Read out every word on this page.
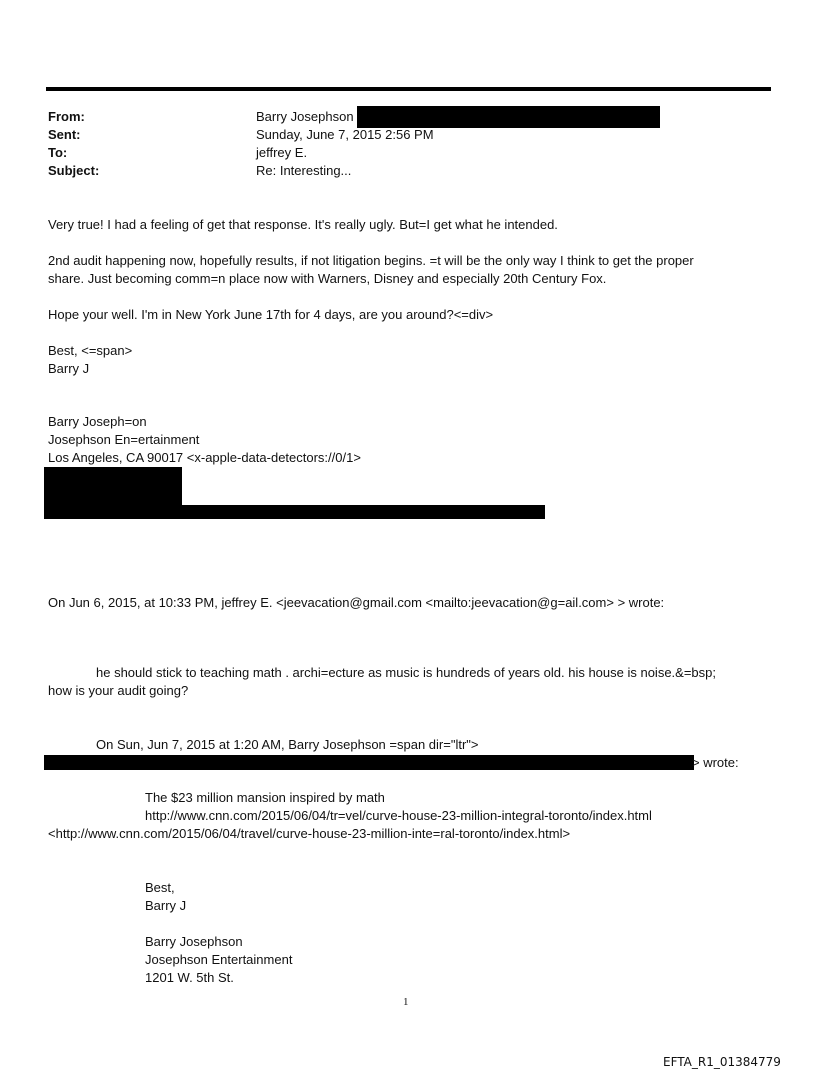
From:	Barry Josephson
Sent:	Sunday, June 7, 2015 2:56 PM
To:	jeffrey E.
Subject:	Re: Interesting...
Very true! I had a feeling of get that response. It's really ugly. But=I get what he intended.
2nd audit happening now, hopefully results, if not litigation begins. =t will be the only way I think to get the proper
share. Just becoming comm=n place now with Warners, Disney and especially 20th Century Fox.
Hope your well. I'm in New York June 17th for 4 days, are you around?<=div>
Best, <=span>
Barry J
Barry Joseph=on
Josephson En=ertainment
Los Angeles, CA 90017 <x-apple-data-detectors://0/1>
On Jun 6, 2015, at 10:33 PM, jeffrey E. <jeevacation@gmail.com <mailto:jeevacation@g=ail.com> > wrote:
he should stick to teaching math . archi=ecture as music is hundreds of years old. his house is noise.&=bsp;
how is your audit going?
On Sun, Jun 7, 2015 at 1:20 AM, Barry Josephson =span dir="ltr">
> wrote:
The $23 million mansion inspired by math
http://www.cnn.com/2015/06/04/tr=vel/curve-house-23-million-integral-toronto/index.html
<http://www.cnn.com/2015/06/04/travel/curve-house-23-million-inte=ral-toronto/index.html>
Best,
Barry J
Barry Josephson
Josephson Entertainment
1201 W. 5th St.
1
EFTA_R1_01384779
